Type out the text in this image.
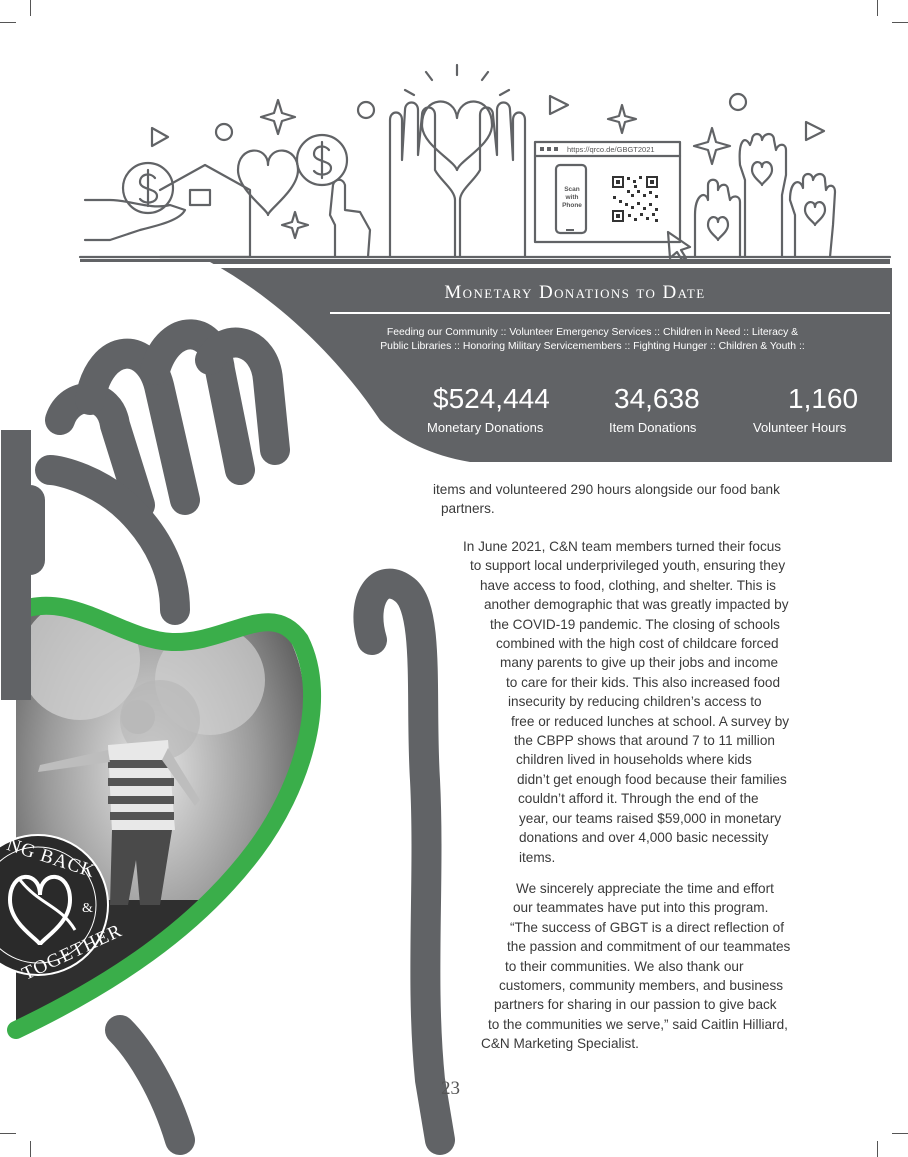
NG BACK
TOGETHER
&
https://qrco.de/GBGT2021
Scan
with
Phone
Monetary Donations to Date
Feeding our Community :: Volunteer Emergency Services :: Children in Need :: Literacy &
Public Libraries :: Honoring Military Servicemembers :: Fighting Hunger :: Children & Youth ::
$524,444
Monetary Donations
34,638
Item Donations
1,160
Volunteer Hours
items and volunteered 290 hours alongside our food bank
partners.
In June 2021, C&N team members turned their focus
to support local underprivileged youth, ensuring they
have access to food, clothing, and shelter. This is
another demographic that was greatly impacted by
the COVID-19 pandemic. The closing of schools
combined with the high cost of childcare forced
many parents to give up their jobs and income
to care for their kids. This also increased food
insecurity by reducing children’s access to
free or reduced lunches at school. A survey by
the CBPP shows that around 7 to 11 million
children lived in households where kids
didn’t get enough food because their families
couldn’t afford it. Through the end of the
year, our teams raised $59,000 in monetary
donations and over 4,000 basic necessity
items.
We sincerely appreciate the time and effort
our teammates have put into this program.
“The success of GBGT is a direct reflection of
the passion and commitment of our teammates
to their communities. We also thank our
customers, community members, and business
partners for sharing in our passion to give back
to the communities we serve,” said Caitlin Hilliard,
C&N Marketing Specialist.
23
